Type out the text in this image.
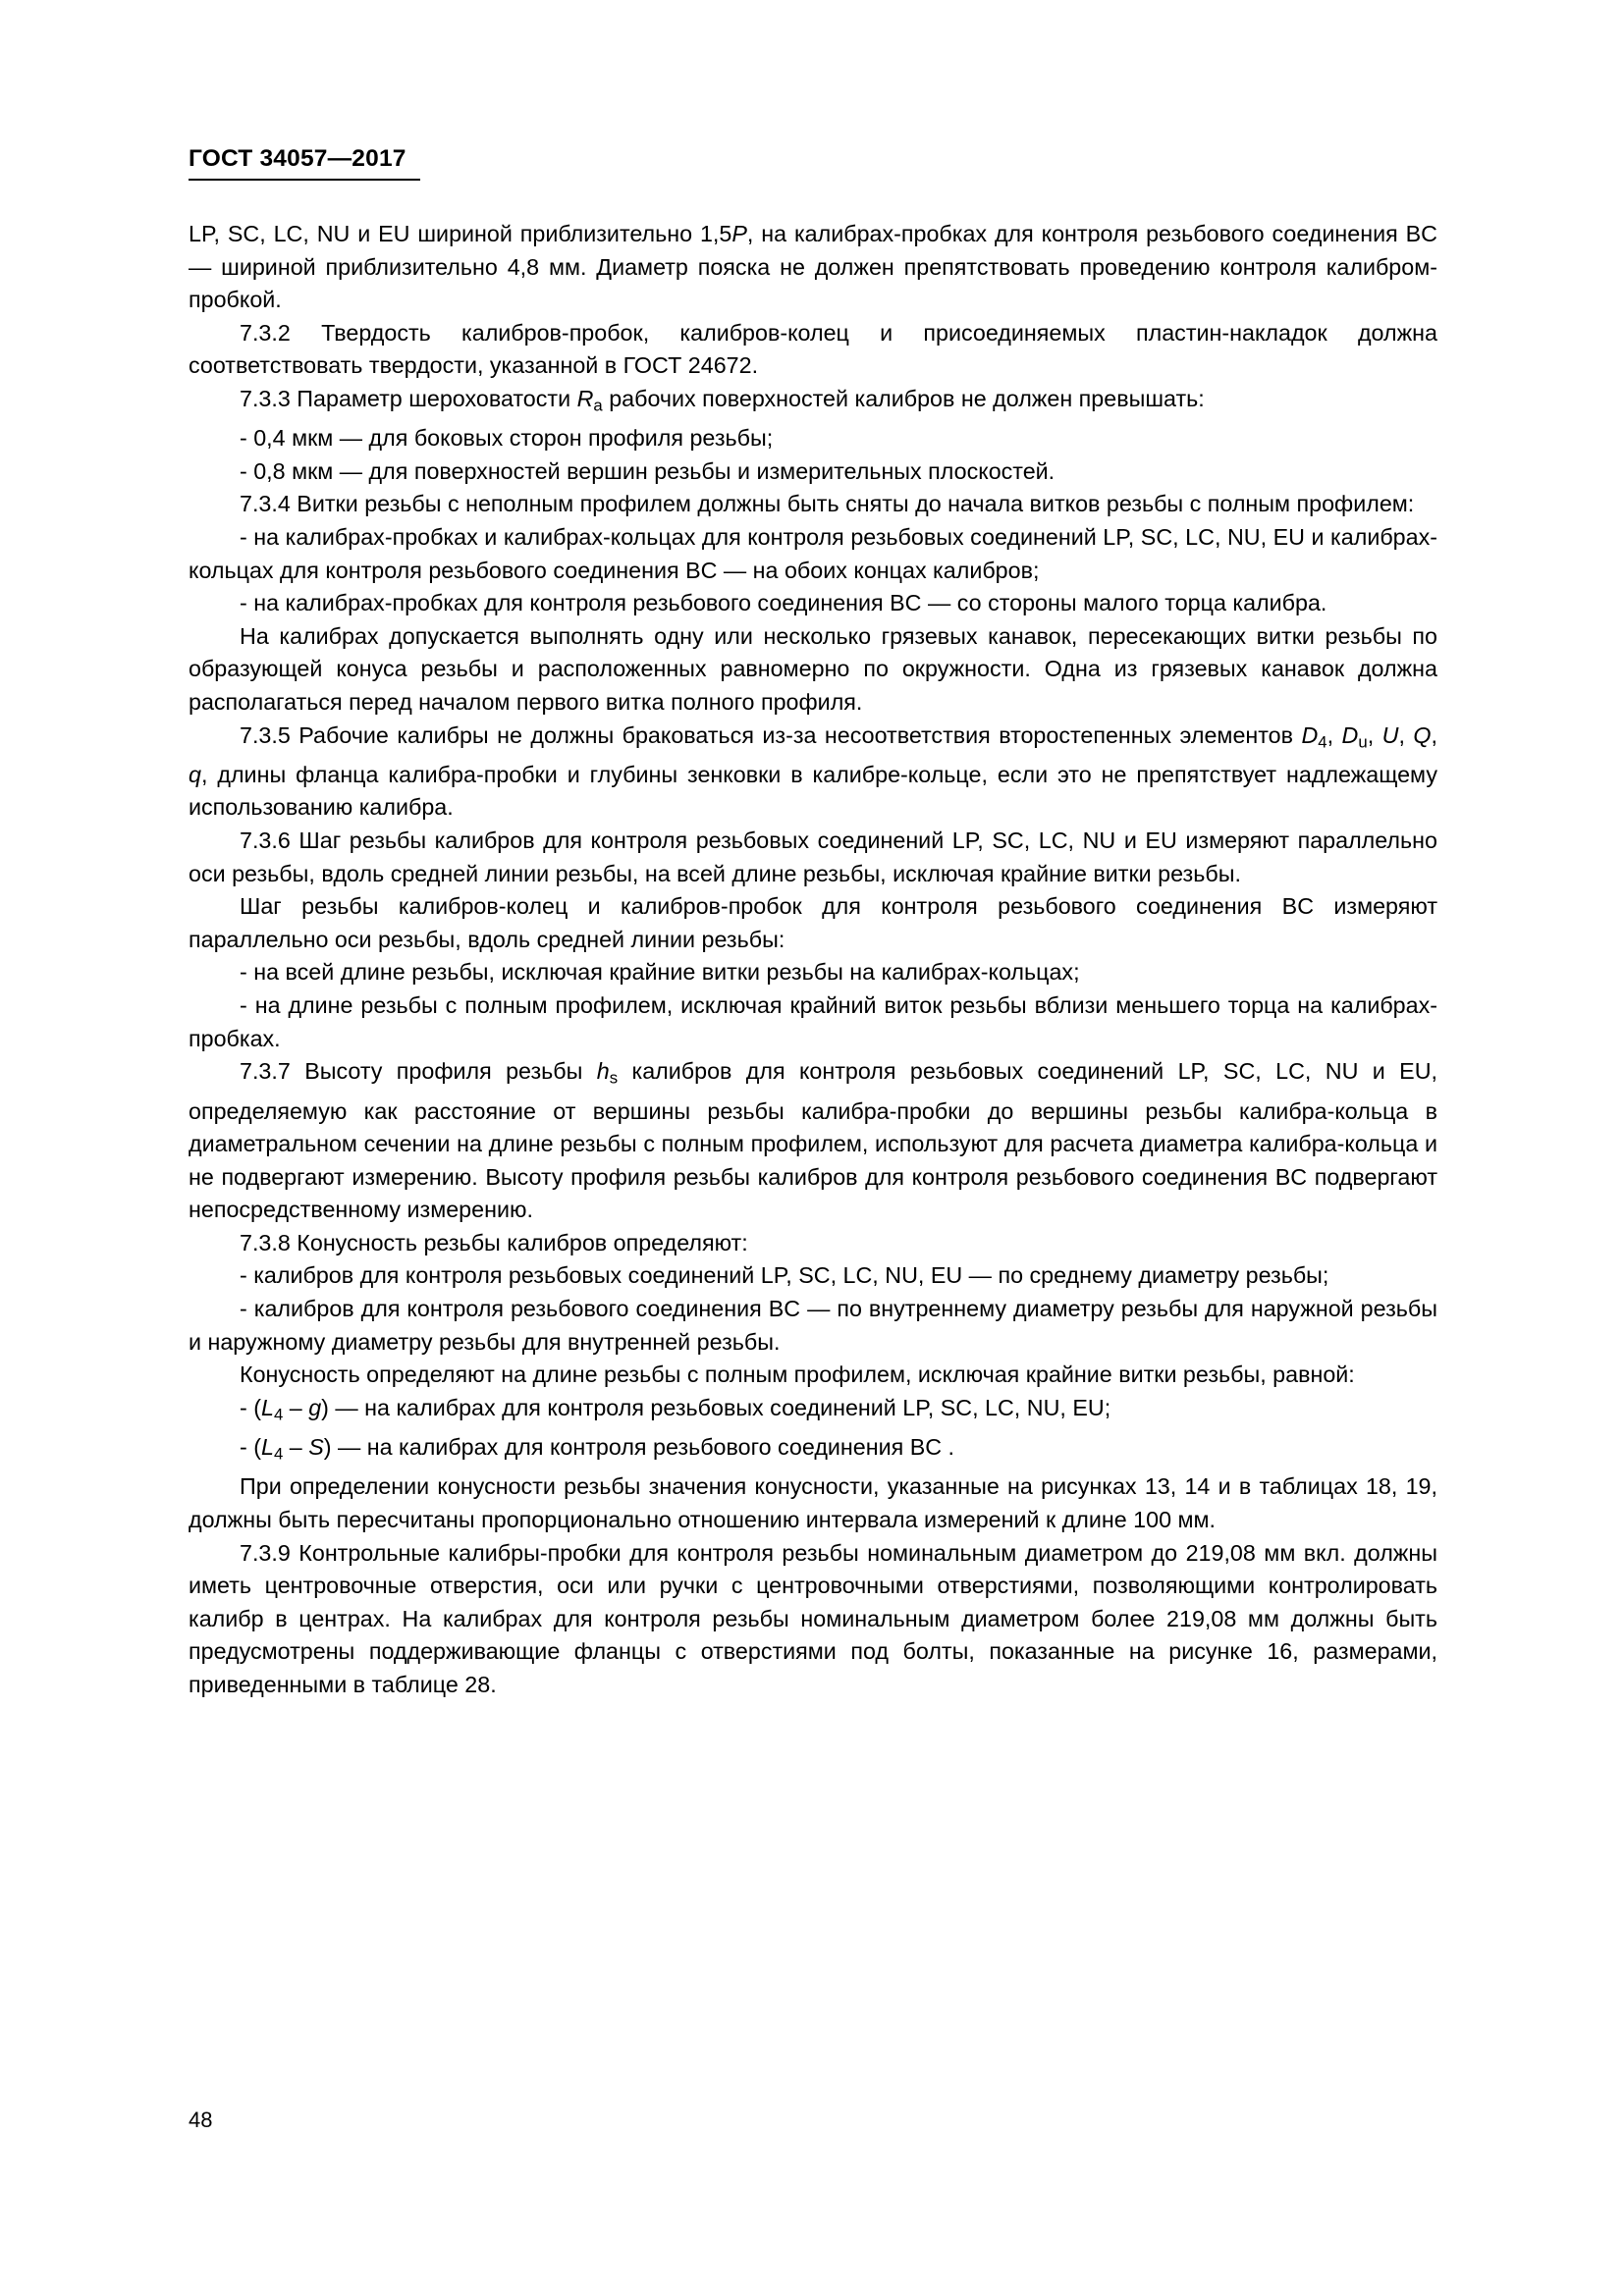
ГОСТ 34057—2017

LP, SC, LC, NU и EU шириной приблизительно 1,5P, на калибрах-пробках для контроля резьбового соединения BC — шириной приблизительно 4,8 мм. Диаметр пояска не должен препятствовать проведению контроля калибром-пробкой.

7.3.2 Твердость калибров-пробок, калибров-колец и присоединяемых пластин-накладок должна соответствовать твердости, указанной в ГОСТ 24672.

7.3.3 Параметр шероховатости $R_a$ рабочих поверхностей калибров не должен превышать:

- 0,4 мкм — для боковых сторон профиля резьбы;

- 0,8 мкм — для поверхностей вершин резьбы и измерительных плоскостей.

7.3.4 Витки резьбы с неполным профилем должны быть сняты до начала витков резьбы с полным профилем:

- на калибрах-пробках и калибрах-кольцах для контроля резьбовых соединений LP, SC, LC, NU, EU и калибрах-кольцах для контроля резьбового соединения BC — на обоих концах калибров;

- на калибрах-пробках для контроля резьбового соединения BC — со стороны малого торца калибра.

На калибрах допускается выполнять одну или несколько грязевых канавок, пересекающих витки резьбы по образующей конуса резьбы и расположенных равномерно по окружности. Одна из грязевых канавок должна располагаться перед началом первого витка полного профиля.

7.3.5 Рабочие калибры не должны браковаться из-за несоответствия второстепенных элементов $D_4$, $D_u$, U, Q, q, длины фланца калибра-пробки и глубины зенковки в калибре-кольце, если это не препятствует надлежащему использованию калибра.

7.3.6 Шаг резьбы калибров для контроля резьбовых соединений LP, SC, LC, NU и EU измеряют параллельно оси резьбы, вдоль средней линии резьбы, на всей длине резьбы, исключая крайние витки резьбы.

Шаг резьбы калибров-колец и калибров-пробок для контроля резьбового соединения BC измеряют параллельно оси резьбы, вдоль средней линии резьбы:

- на всей длине резьбы, исключая крайние витки резьбы на калибрах-кольцах;

- на длине резьбы с полным профилем, исключая крайний виток резьбы вблизи меньшего торца на калибрах-пробках.

7.3.7 Высоту профиля резьбы $h_s$ калибров для контроля резьбовых соединений LP, SC, LC, NU и EU, определяемую как расстояние от вершины резьбы калибра-пробки до вершины резьбы калибра-кольца в диаметральном сечении на длине резьбы с полным профилем, используют для расчета диаметра калибра-кольца и не подвергают измерению. Высоту профиля резьбы калибров для контроля резьбового соединения BC подвергают непосредственному измерению.

7.3.8 Конусность резьбы калибров определяют:

- калибров для контроля резьбовых соединений LP, SC, LC, NU, EU — по среднему диаметру резьбы;

- калибров для контроля резьбового соединения BC — по внутреннему диаметру резьбы для наружной резьбы и наружному диаметру резьбы для внутренней резьбы.

Конусность определяют на длине резьбы с полным профилем, исключая крайние витки резьбы, равной:

- $(L_4 - g)$ — на калибрах для контроля резьбовых соединений LP, SC, LC, NU, EU;

- $(L_4 - S)$ — на калибрах для контроля резьбового соединения BC .

При определении конусности резьбы значения конусности, указанные на рисунках 13, 14 и в таблицах 18, 19, должны быть пересчитаны пропорционально отношению интервала измерений к длине 100 мм.

7.3.9 Контрольные калибры-пробки для контроля резьбы номинальным диаметром до 219,08 мм вкл. должны иметь центровочные отверстия, оси или ручки с центровочными отверстиями, позволяющими контролировать калибр в центрах. На калибрах для контроля резьбы номинальным диаметром более 219,08 мм должны быть предусмотрены поддерживающие фланцы с отверстиями под болты, показанные на рисунке 16, размерами, приведенными в таблице 28.

48
